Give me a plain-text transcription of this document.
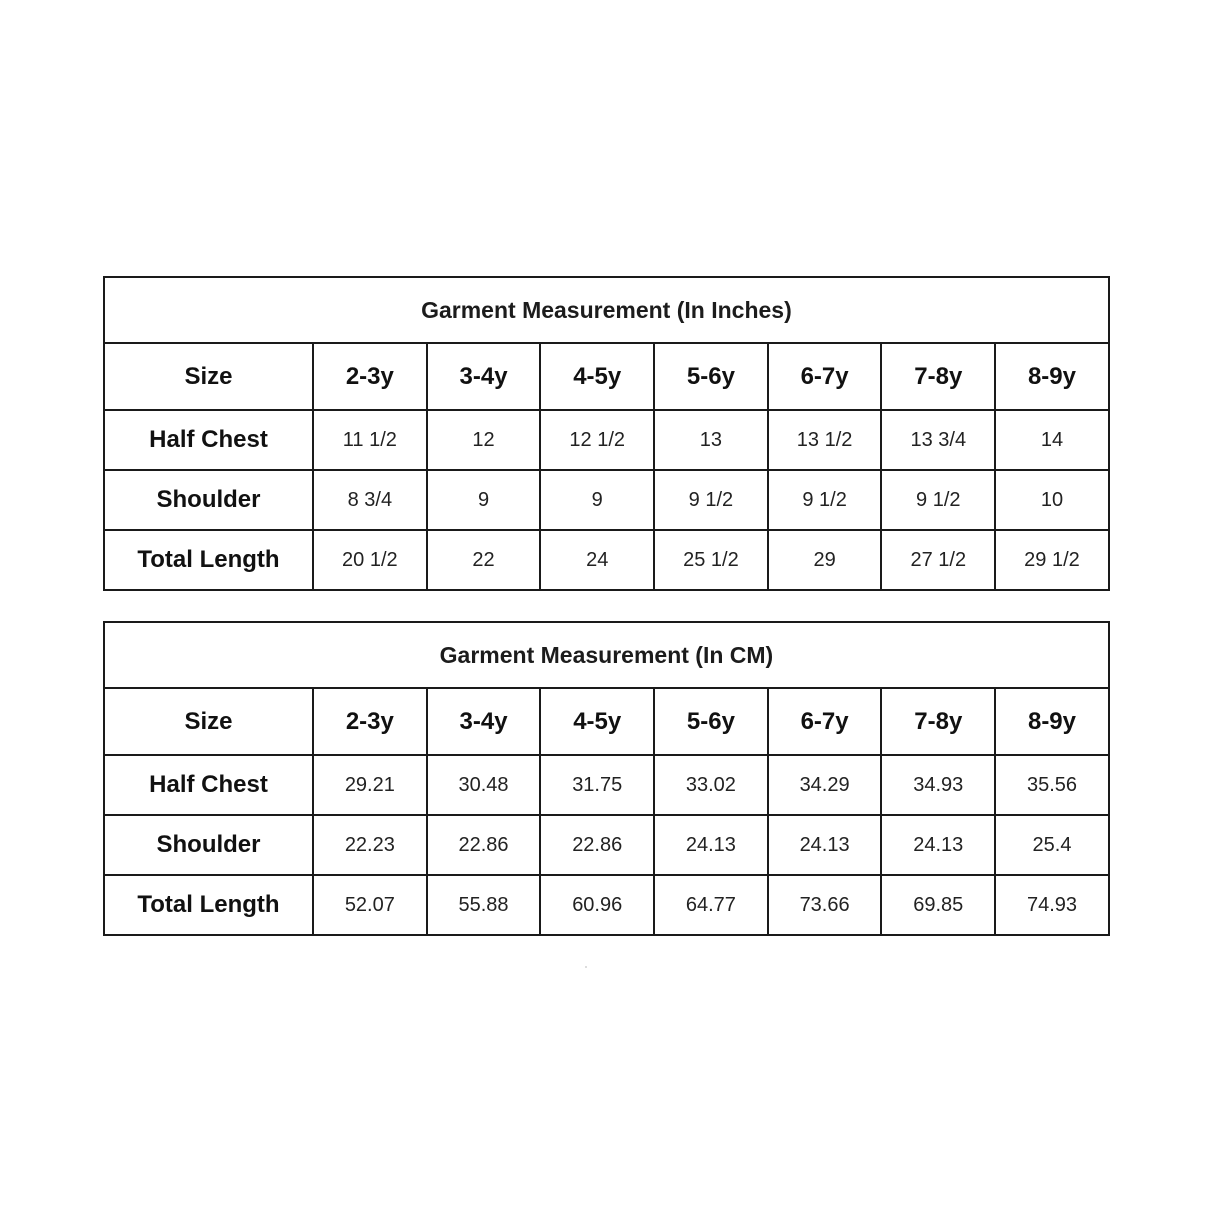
Garment Measurement (In Inches)							
Size	2-3y	3-4y	4-5y	5-6y	6-7y	7-8y	8-9y
Half Chest	11 1/2	12	12 1/2	13	13 1/2	13 3/4	14
Shoulder	8 3/4	9	9	9 1/2	9 1/2	9 1/2	10
Total Length	20 1/2	22	24	25 1/2	29	27 1/2	29 1/2
Garment Measurement (In CM)							
Size	2-3y	3-4y	4-5y	5-6y	6-7y	7-8y	8-9y
Half Chest	29.21	30.48	31.75	33.02	34.29	34.93	35.56
Shoulder	22.23	22.86	22.86	24.13	24.13	24.13	25.4
Total Length	52.07	55.88	60.96	64.77	73.66	69.85	74.93
